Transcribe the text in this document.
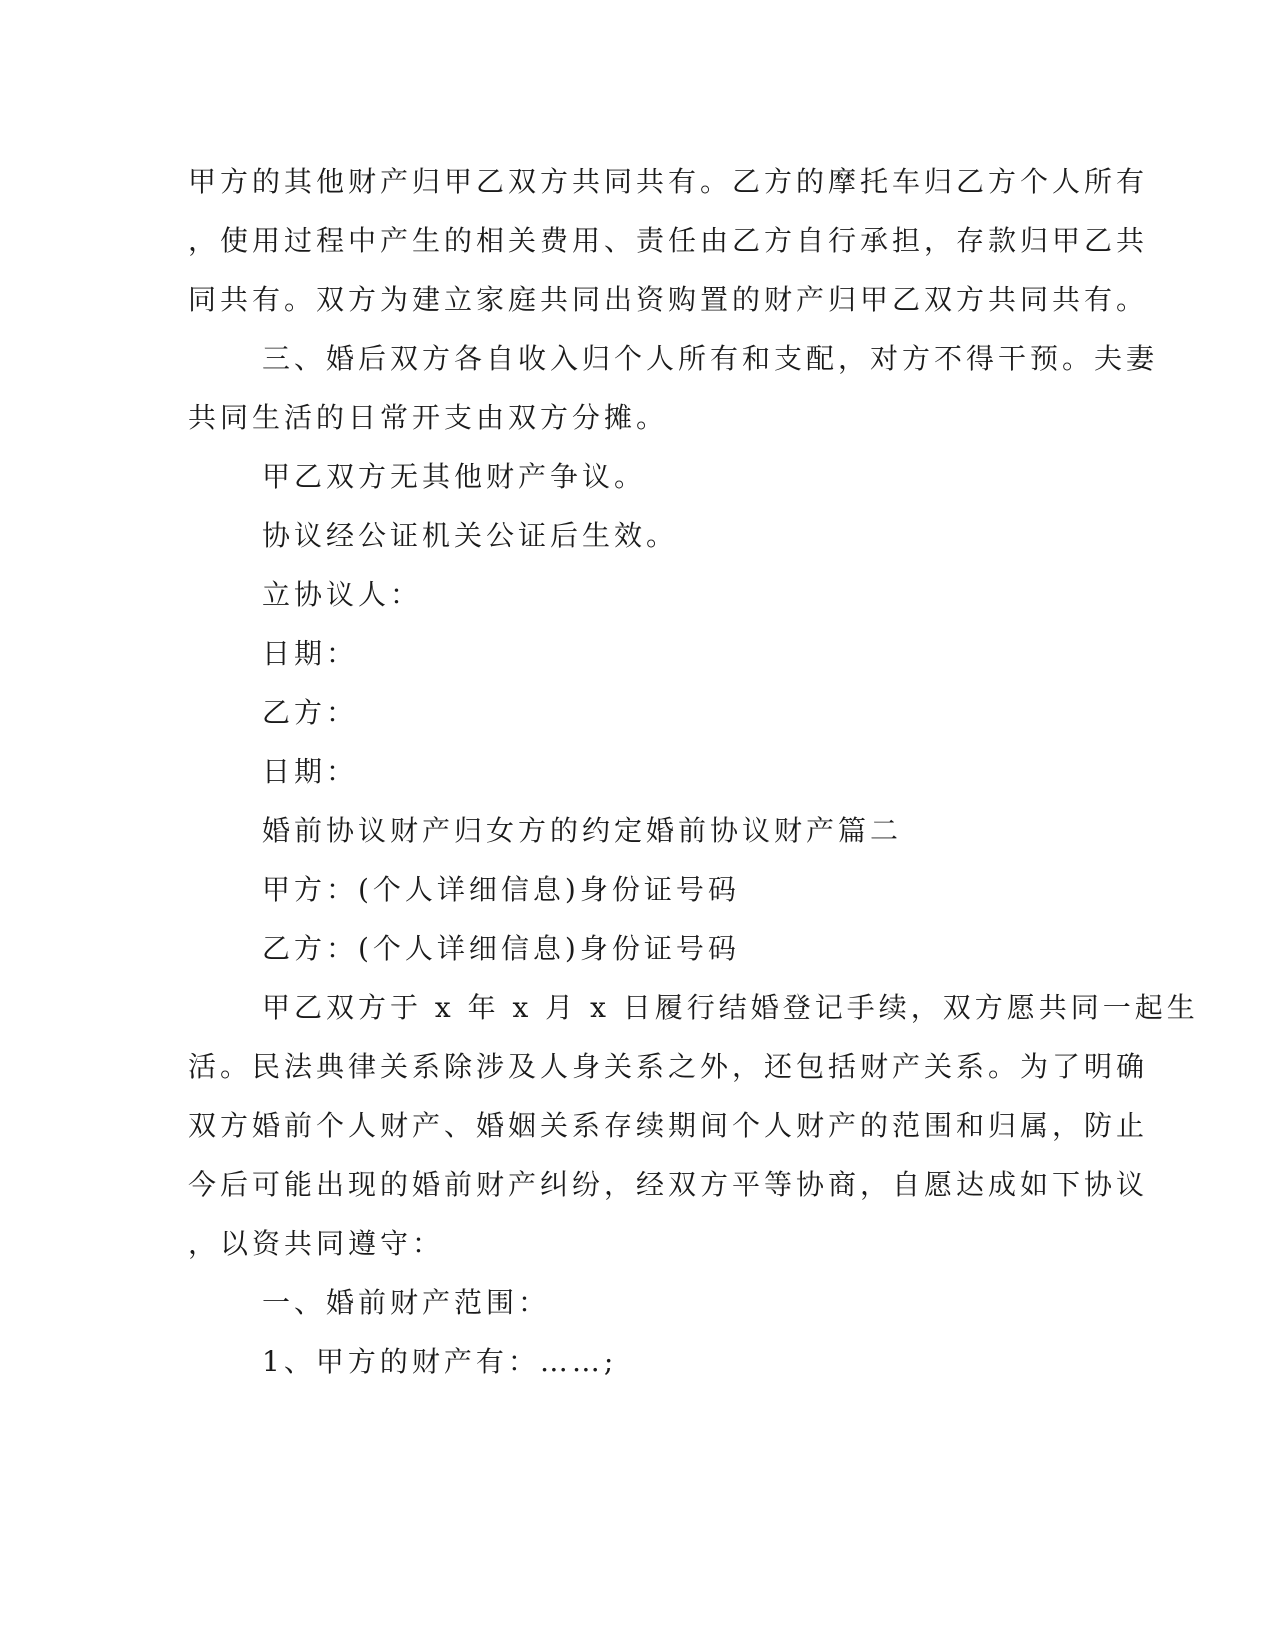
甲方的其他财产归甲乙双方共同共有。乙方的摩托车归乙方个人所有
，使用过程中产生的相关费用、责任由乙方自行承担，存款归甲乙共
同共有。双方为建立家庭共同出资购置的财产归甲乙双方共同共有。
三、婚后双方各自收入归个人所有和支配，对方不得干预。夫妻
共同生活的日常开支由双方分摊。
甲乙双方无其他财产争议。
协议经公证机关公证后生效。
立协议人：
日期：
乙方：
日期：
婚前协议财产归女方的约定婚前协议财产篇二
甲方：(个人详细信息)身份证号码
乙方：(个人详细信息)身份证号码
甲乙双方于 x 年 x 月 x 日履行结婚登记手续，双方愿共同一起生
活。民法典律关系除涉及人身关系之外，还包括财产关系。为了明确
双方婚前个人财产、婚姻关系存续期间个人财产的范围和归属，防止
今后可能出现的婚前财产纠纷，经双方平等协商，自愿达成如下协议
，以资共同遵守：
一、婚前财产范围：
1、甲方的财产有：……;
